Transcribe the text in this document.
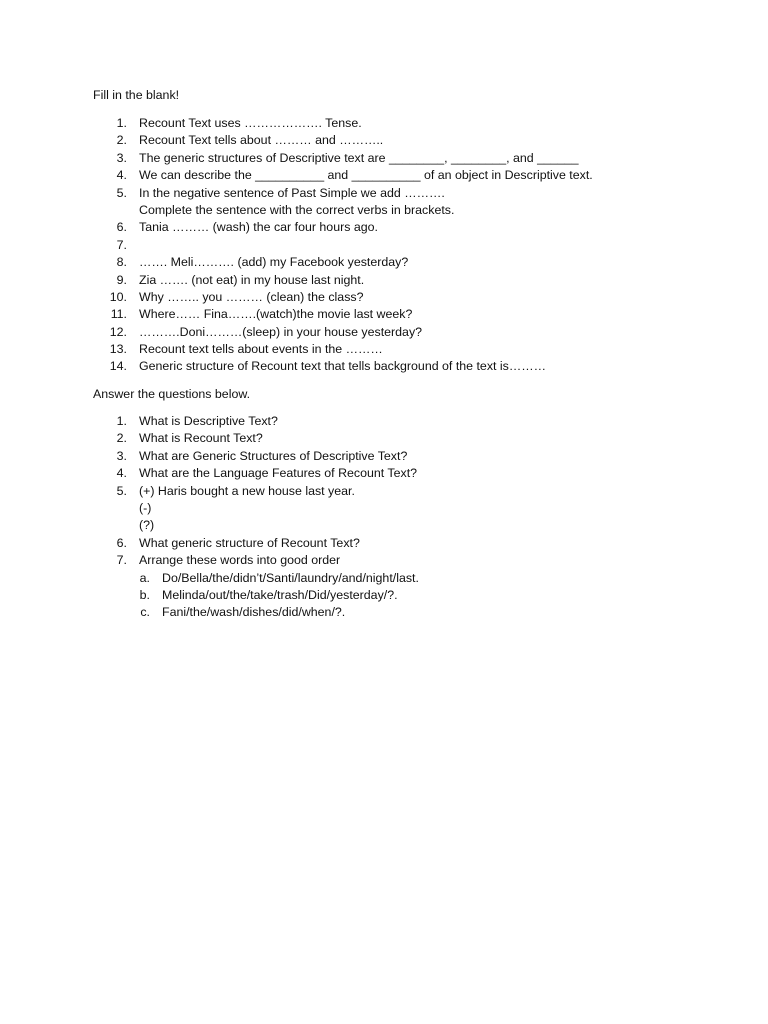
Fill in the blank!
1. Recount Text uses ………………. Tense.
2. Recount Text tells about ……… and ………..
3. The generic structures of Descriptive text are ________, ________, and ______
4. We can describe the __________ and __________ of an object in Descriptive text.
5. In the negative sentence of Past Simple we add ……….
Complete the sentence with the correct verbs in brackets.
6. Tania ……… (wash) the car four hours ago.
7.
8. ……. Meli………. (add) my Facebook yesterday?
9. Zia ……. (not eat) in my house last night.
10. Why …….. you ……… (clean) the class?
11. Where…… Fina…….(watch)the movie last week?
12. ……….Doni………(sleep) in your house yesterday?
13. Recount text tells about events in the ………
14. Generic structure of Recount text that tells background of the text is………
Answer the questions below.
1. What is Descriptive Text?
2. What is Recount Text?
3. What are Generic Structures of Descriptive Text?
4. What are the Language Features of Recount Text?
5. (+) Haris bought a new house last year.
(-)
(?)
6. What generic structure of Recount Text?
7. Arrange these words into good order
a. Do/Bella/the/didn’t/Santi/laundry/and/night/last.
b. Melinda/out/the/take/trash/Did/yesterday/?.
c. Fani/the/wash/dishes/did/when/?.
